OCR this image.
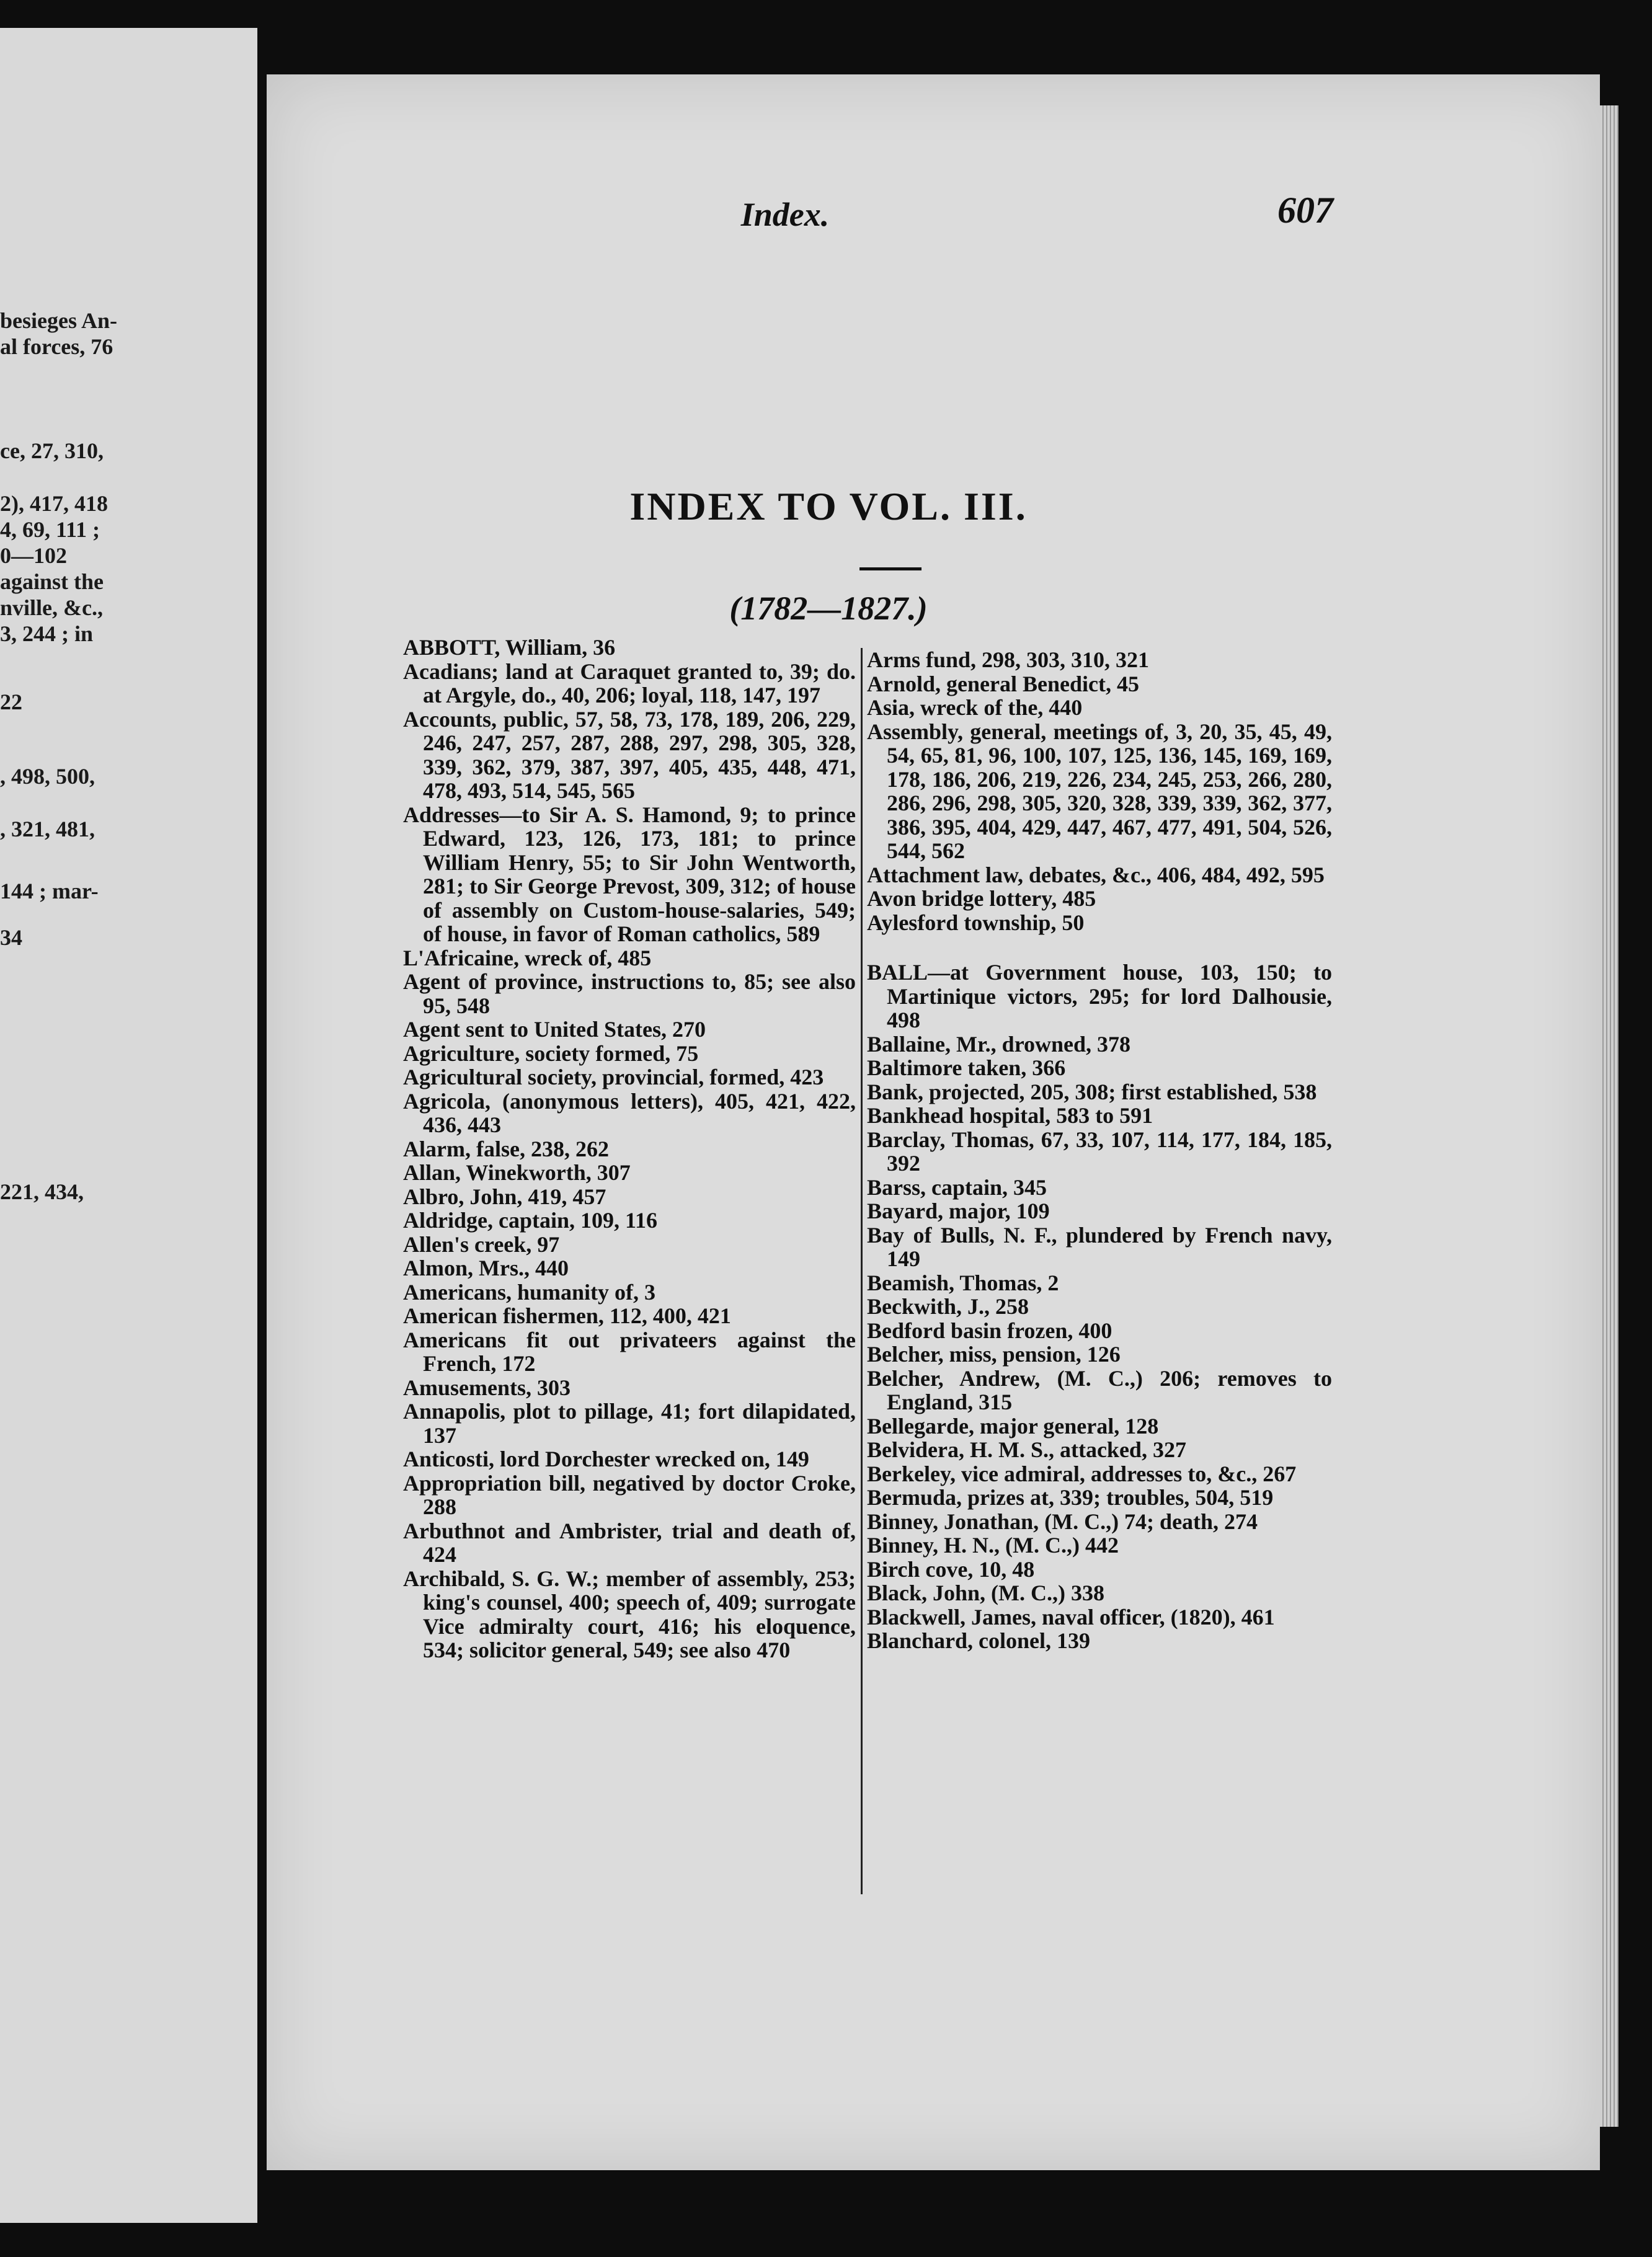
besieges An-
al forces, 76
ce, 27, 310,
2), 417, 418
4, 69, 111 ;
0—102
against the
nville, &c.,
3, 244 ; in
22
, 498, 500,
, 321, 481,
144 ; mar-
34
221, 434,
Index.	607
INDEX TO VOL. III.
(1782—1827.)
ABBOTT, William, 36
Acadians; land at Caraquet granted to, 39; do. at Argyle, do., 40, 206; loyal, 118, 147, 197
Accounts, public, 57, 58, 73, 178, 189, 206, 229, 246, 247, 257, 287, 288, 297, 298, 305, 328, 339, 362, 379, 387, 397, 405, 435, 448, 471, 478, 493, 514, 545, 565
Addresses—to Sir A. S. Hamond, 9; to prince Edward, 123, 126, 173, 181; to prince William Henry, 55; to Sir John Wentworth, 281; to Sir George Prevost, 309, 312; of house of assembly on Custom-house-salaries, 549; of house, in favor of Roman catholics, 589
L'Africaine, wreck of, 485
Agent of province, instructions to, 85; see also 95, 548
Agent sent to United States, 270
Agriculture, society formed, 75
Agricultural society, provincial, formed, 423
Agricola, (anonymous letters), 405, 421, 422, 436, 443
Alarm, false, 238, 262
Allan, Winekworth, 307
Albro, John, 419, 457
Aldridge, captain, 109, 116
Allen's creek, 97
Almon, Mrs., 440
Americans, humanity of, 3
American fishermen, 112, 400, 421
Americans fit out privateers against the French, 172
Amusements, 303
Annapolis, plot to pillage, 41; fort dilapidated, 137
Anticosti, lord Dorchester wrecked on, 149
Appropriation bill, negatived by doctor Croke, 288
Arbuthnot and Ambrister, trial and death of, 424
Archibald, S. G. W.; member of assembly, 253; king's counsel, 400; speech of, 409; surrogate Vice admiralty court, 416; his eloquence, 534; solicitor general, 549; see also 470
Arms fund, 298, 303, 310, 321
Arnold, general Benedict, 45
Asia, wreck of the, 440
Assembly, general, meetings of, 3, 20, 35, 45, 49, 54, 65, 81, 96, 100, 107, 125, 136, 145, 169, 169, 178, 186, 206, 219, 226, 234, 245, 253, 266, 280, 286, 296, 298, 305, 320, 328, 339, 339, 362, 377, 386, 395, 404, 429, 447, 467, 477, 491, 504, 526, 544, 562
Attachment law, debates, &c., 406, 484, 492, 595
Avon bridge lottery, 485
Aylesford township, 50
BALL—at Government house, 103, 150; to Martinique victors, 295; for lord Dalhousie, 498
Ballaine, Mr., drowned, 378
Baltimore taken, 366
Bank, projected, 205, 308; first established, 538
Bankhead hospital, 583 to 591
Barclay, Thomas, 67, 33, 107, 114, 177, 184, 185, 392
Barss, captain, 345
Bayard, major, 109
Bay of Bulls, N. F., plundered by French navy, 149
Beamish, Thomas, 2
Beckwith, J., 258
Bedford basin frozen, 400
Belcher, miss, pension, 126
Belcher, Andrew, (M. C.,) 206; removes to England, 315
Bellegarde, major general, 128
Belvidera, H. M. S., attacked, 327
Berkeley, vice admiral, addresses to, &c., 267
Bermuda, prizes at, 339; troubles, 504, 519
Binney, Jonathan, (M. C.,) 74; death, 274
Binney, H. N., (M. C.,) 442
Birch cove, 10, 48
Black, John, (M. C.,) 338
Blackwell, James, naval officer, (1820), 461
Blanchard, colonel, 139
